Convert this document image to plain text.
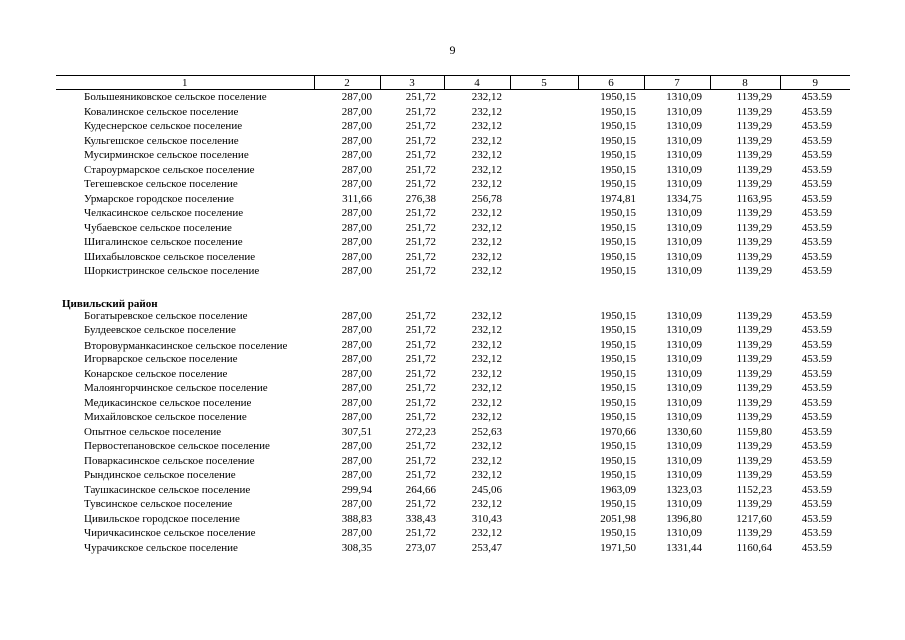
9
1	2	3	4	5	6	7	8	9
Большеяниковское сельское поселение	287,00	251,72	232,12		1950,15	1310,09	1139,29	453.59
Ковалинское сельское поселение	287,00	251,72	232,12		1950,15	1310,09	1139,29	453.59
Кудеснерское сельское поселение	287,00	251,72	232,12		1950,15	1310,09	1139,29	453.59
Кульгешское сельское поселение	287,00	251,72	232,12		1950,15	1310,09	1139,29	453.59
Мусирминское сельское поселение	287,00	251,72	232,12		1950,15	1310,09	1139,29	453.59
Староурмарское сельское поселение	287,00	251,72	232,12		1950,15	1310,09	1139,29	453.59
Тегешевское сельское поселение	287,00	251,72	232,12		1950,15	1310,09	1139,29	453.59
Урмарское городское поселение	311,66	276,38	256,78		1974,81	1334,75	1163,95	453.59
Челкасинское сельское поселение	287,00	251,72	232,12		1950,15	1310,09	1139,29	453.59
Чубаевское сельское поселение	287,00	251,72	232,12		1950,15	1310,09	1139,29	453.59
Шигалинское сельское поселение	287,00	251,72	232,12		1950,15	1310,09	1139,29	453.59
Шихабыловское сельское поселение	287,00	251,72	232,12		1950,15	1310,09	1139,29	453.59
Шоркистринское сельское поселение	287,00	251,72	232,12		1950,15	1310,09	1139,29	453.59

Цивильский район								
Богатыревское сельское поселение	287,00	251,72	232,12		1950,15	1310,09	1139,29	453.59
Булдеевское сельское поселение	287,00	251,72	232,12		1950,15	1310,09	1139,29	453.59
Второвурманкасинское сельское поселение	287,00	251,72	232,12		1950,15	1310,09	1139,29	453.59
Игорварское сельское поселение	287,00	251,72	232,12		1950,15	1310,09	1139,29	453.59
Конарское сельское поселение	287,00	251,72	232,12		1950,15	1310,09	1139,29	453.59
Малоянгорчинское сельское поселение	287,00	251,72	232,12		1950,15	1310,09	1139,29	453.59
Медикасинское сельское поселение	287,00	251,72	232,12		1950,15	1310,09	1139,29	453.59
Михайловское сельское поселение	287,00	251,72	232,12		1950,15	1310,09	1139,29	453.59
Опытное сельское поселение	307,51	272,23	252,63		1970,66	1330,60	1159,80	453.59
Первостепановское сельское поселение	287,00	251,72	232,12		1950,15	1310,09	1139,29	453.59
Поваркасинское сельское поселение	287,00	251,72	232,12		1950,15	1310,09	1139,29	453.59
Рындинское сельское поселение	287,00	251,72	232,12		1950,15	1310,09	1139,29	453.59
Таушкасинское сельское поселение	299,94	264,66	245,06		1963,09	1323,03	1152,23	453.59
Тувсинское сельское поселение	287,00	251,72	232,12		1950,15	1310,09	1139,29	453.59
Цивильское городское поселение	388,83	338,43	310,43		2051,98	1396,80	1217,60	453.59
Чиричкасинское сельское поселение	287,00	251,72	232,12		1950,15	1310,09	1139,29	453.59
Чурачикское сельское поселение	308,35	273,07	253,47		1971,50	1331,44	1160,64	453.59
